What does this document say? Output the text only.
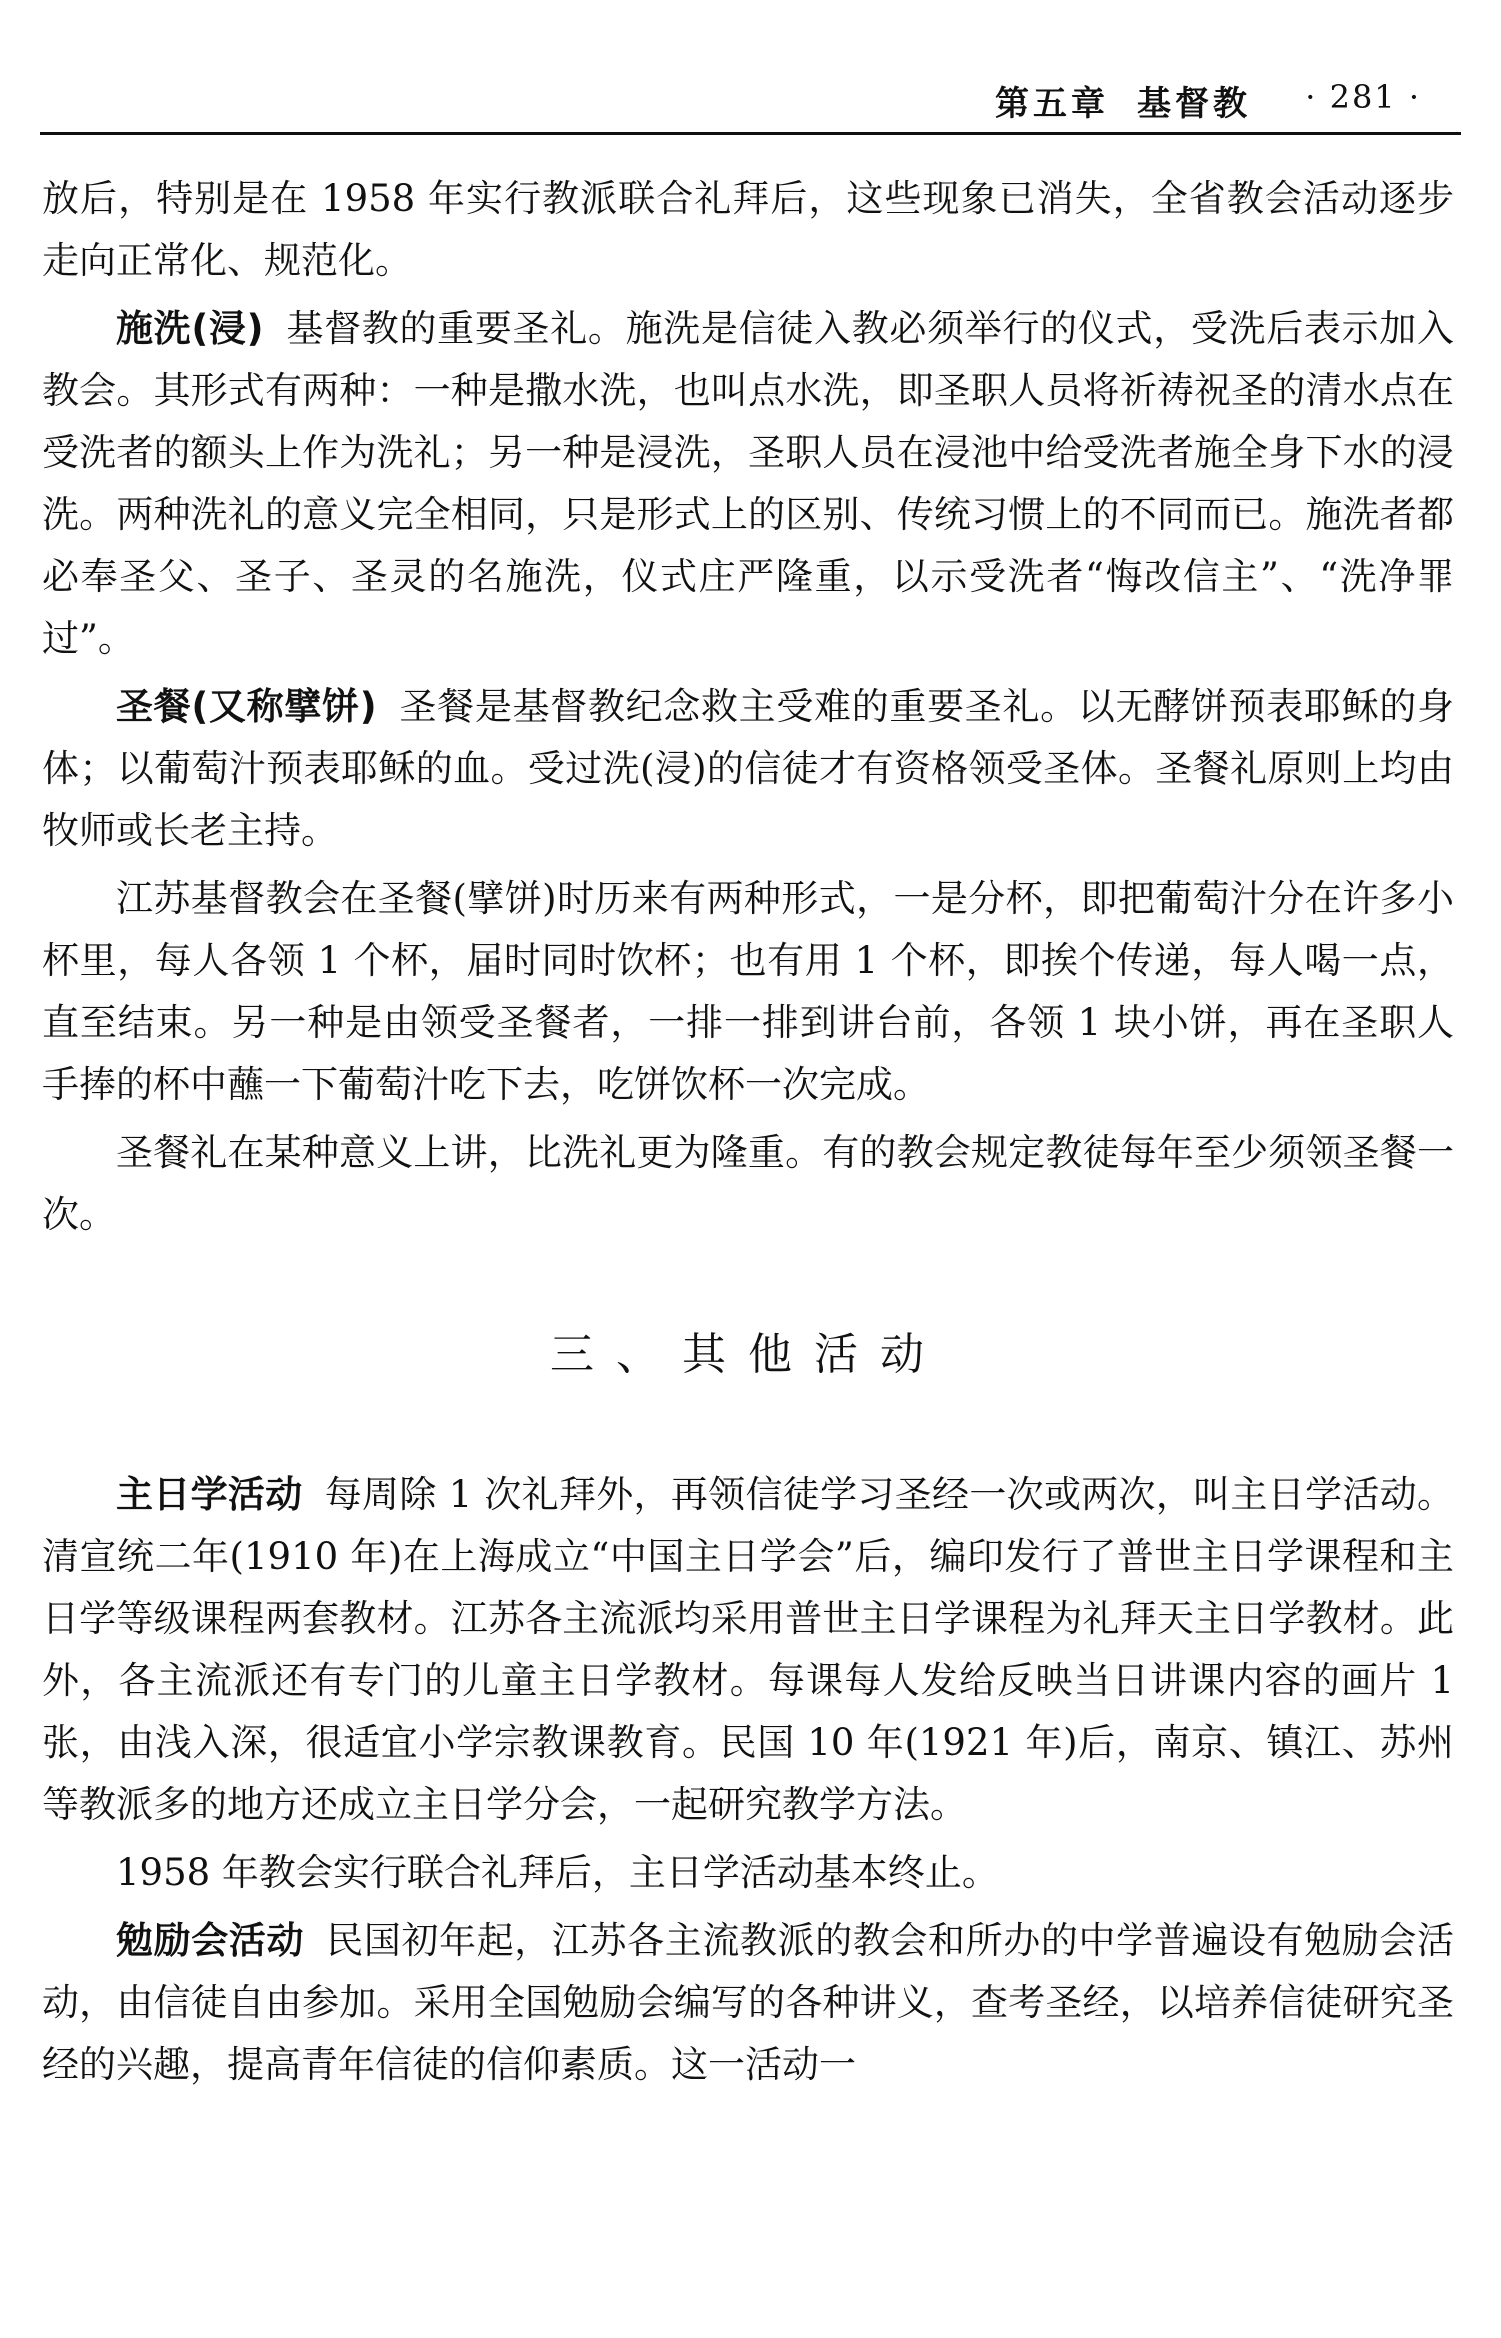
第五章 基督教 · 281 ·

放后，特别是在 1958 年实行教派联合礼拜后，这些现象已消失，全省教会活动逐步走向正常化、规范化。

施洗(浸) 基督教的重要圣礼。施洗是信徒入教必须举行的仪式，受洗后表示加入教会。其形式有两种：一种是撒水洗，也叫点水洗，即圣职人员将祈祷祝圣的清水点在受洗者的额头上作为洗礼；另一种是浸洗，圣职人员在浸池中给受洗者施全身下水的浸洗。两种洗礼的意义完全相同，只是形式上的区别、传统习惯上的不同而已。施洗者都必奉圣父、圣子、圣灵的名施洗，仪式庄严隆重，以示受洗者“悔改信主”、“洗净罪过”。

圣餐(又称擘饼) 圣餐是基督教纪念救主受难的重要圣礼。以无酵饼预表耶稣的身体；以葡萄汁预表耶稣的血。受过洗(浸)的信徒才有资格领受圣体。圣餐礼原则上均由牧师或长老主持。

江苏基督教会在圣餐(擘饼)时历来有两种形式，一是分杯，即把葡萄汁分在许多小杯里，每人各领 1 个杯，届时同时饮杯；也有用 1 个杯，即挨个传递，每人喝一点，直至结束。另一种是由领受圣餐者，一排一排到讲台前，各领 1 块小饼，再在圣职人手捧的杯中蘸一下葡萄汁吃下去，吃饼饮杯一次完成。

圣餐礼在某种意义上讲，比洗礼更为隆重。有的教会规定教徒每年至少须领圣餐一次。

三、其他活动

主日学活动 每周除 1 次礼拜外，再领信徒学习圣经一次或两次，叫主日学活动。清宣统二年(1910 年)在上海成立“中国主日学会”后，编印发行了普世主日学课程和主日学等级课程两套教材。江苏各主流派均采用普世主日学课程为礼拜天主日学教材。此外，各主流派还有专门的儿童主日学教材。每课每人发给反映当日讲课内容的画片 1 张，由浅入深，很适宜小学宗教课教育。民国 10 年(1921 年)后，南京、镇江、苏州等教派多的地方还成立主日学分会，一起研究教学方法。

1958 年教会实行联合礼拜后，主日学活动基本终止。

勉励会活动 民国初年起，江苏各主流教派的教会和所办的中学普遍设有勉励会活动，由信徒自由参加。采用全国勉励会编写的各种讲义，查考圣经，以培养信徒研究圣经的兴趣，提高青年信徒的信仰素质。这一活动一
